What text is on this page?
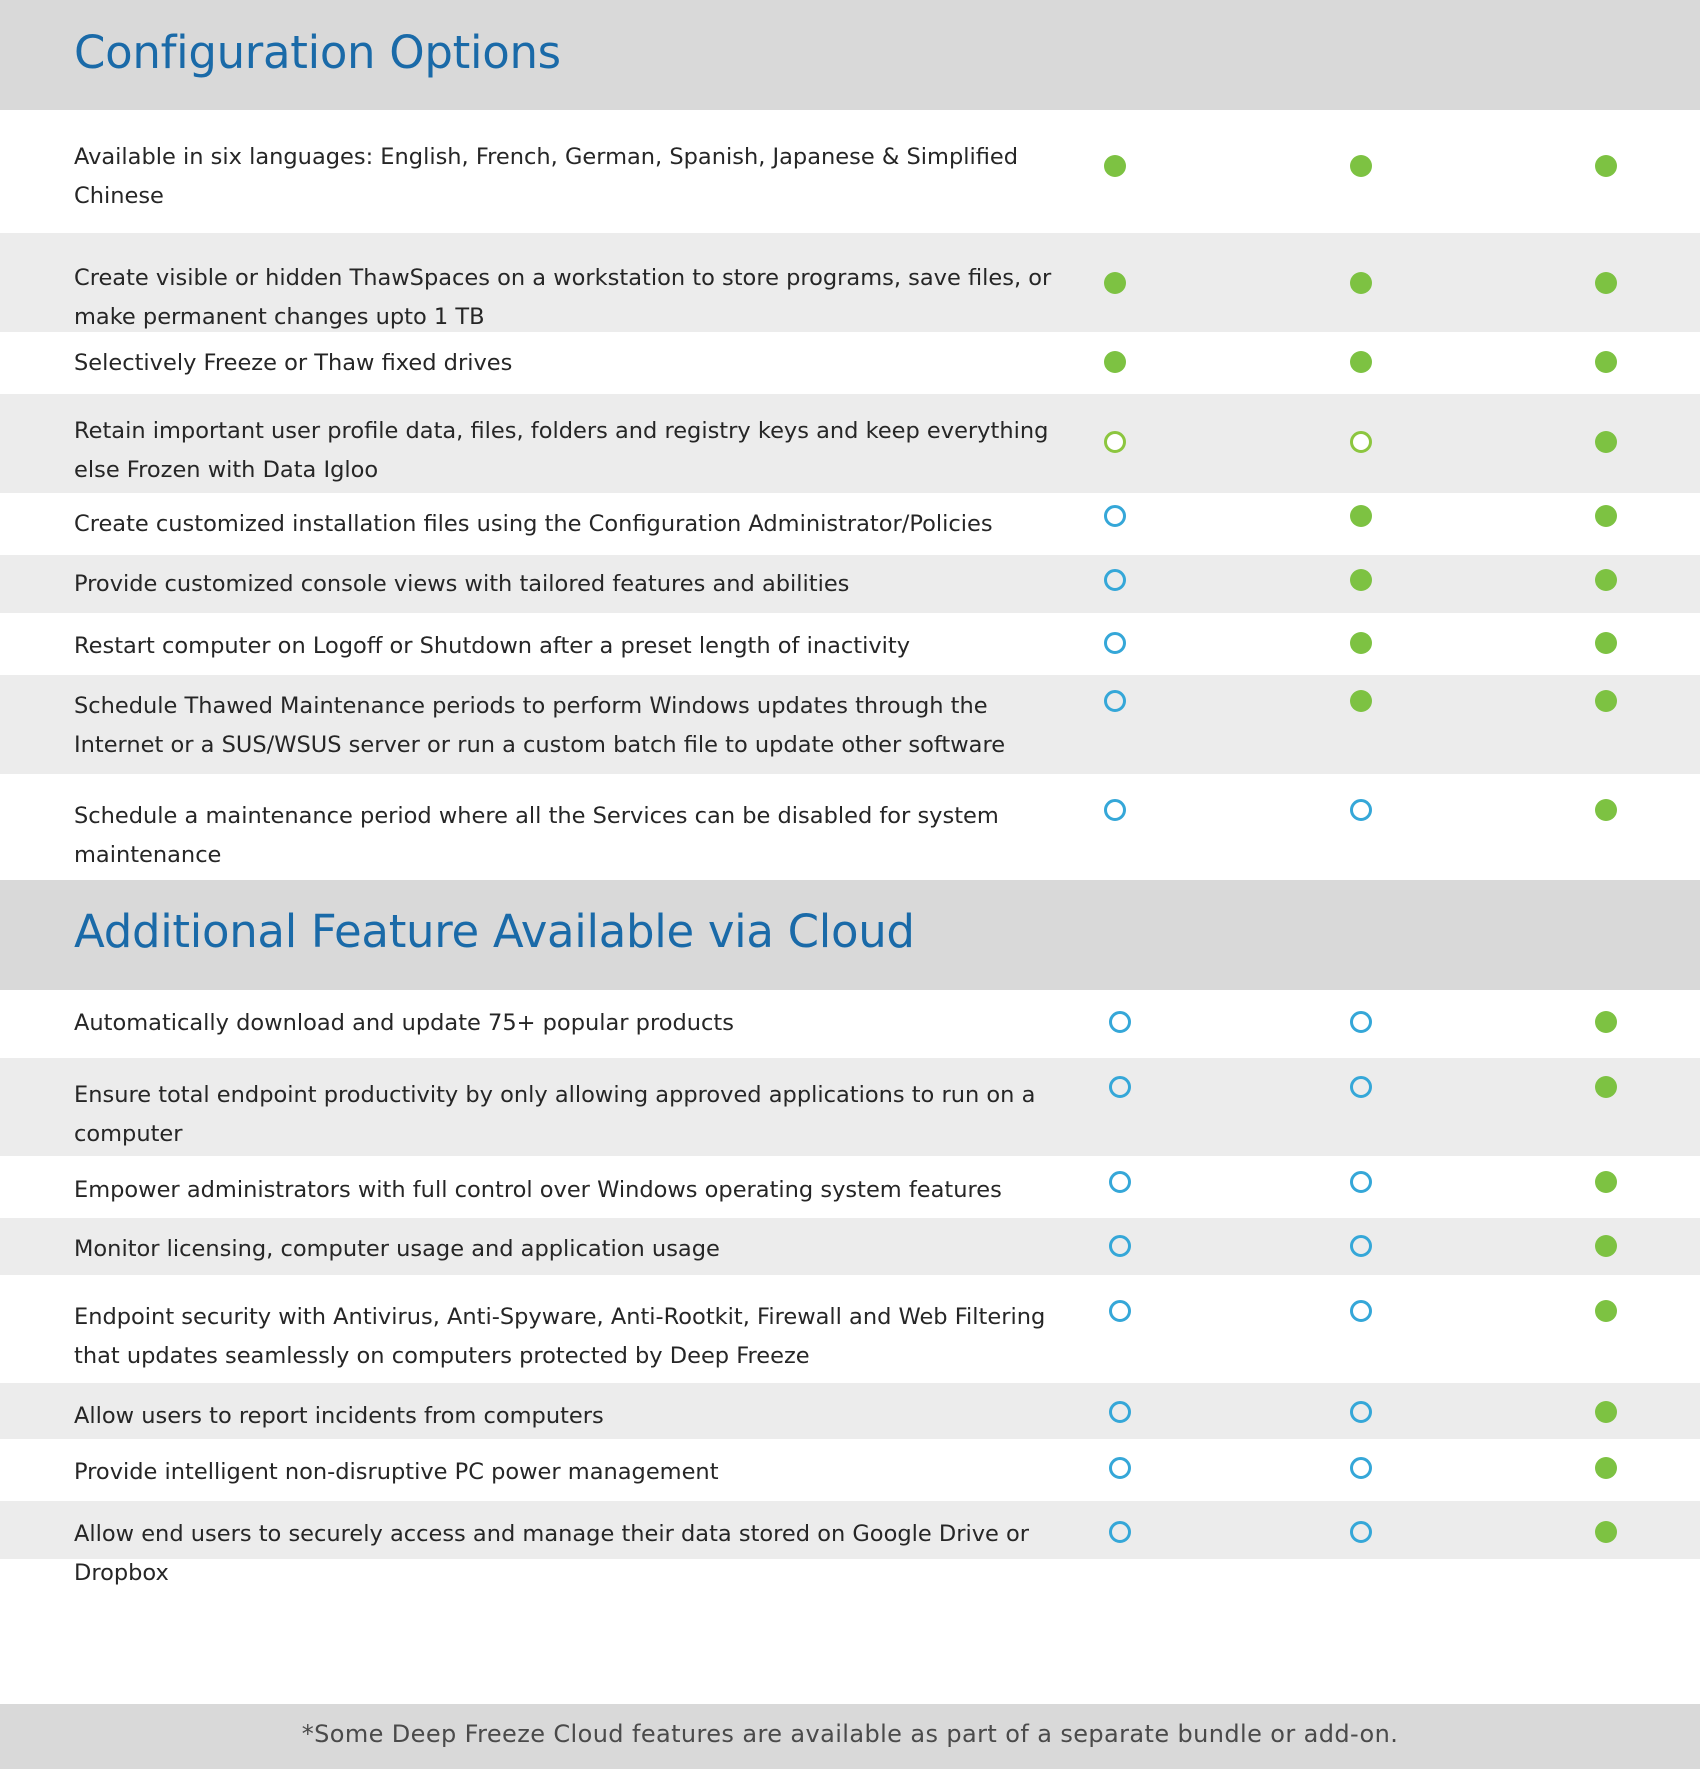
Configuration Options
Available in six languages: English, French, German, Spanish, Japanese & Simplified Chinese
Create visible or hidden ThawSpaces on a workstation to store programs, save files, or make permanent changes upto 1 TB
Selectively Freeze or Thaw fixed drives
Retain important user profile data, files, folders and registry keys and keep everything else Frozen with Data Igloo
Create customized installation files using the Configuration Administrator/Policies
Provide customized console views with tailored features and abilities
Restart computer on Logoff or Shutdown after a preset length of inactivity
Schedule Thawed Maintenance periods to perform Windows updates through the Internet or a SUS/WSUS server or run a custom batch file to update other software
Schedule a maintenance period where all the Services can be disabled for system maintenance
Additional Feature Available via Cloud
Automatically download and update 75+ popular products
Ensure total endpoint productivity by only allowing approved applications to run on a computer
Empower administrators with full control over Windows operating system features
Monitor licensing, computer usage and application usage
Endpoint security with Antivirus, Anti-Spyware, Anti-Rootkit, Firewall and Web Filtering that updates seamlessly on computers protected by Deep Freeze
Allow users to report incidents from computers
Provide intelligent non-disruptive PC power management
Allow end users to securely access and manage their data stored on Google Drive or Dropbox
*Some Deep Freeze Cloud features are available as part of a separate bundle or add-on.
